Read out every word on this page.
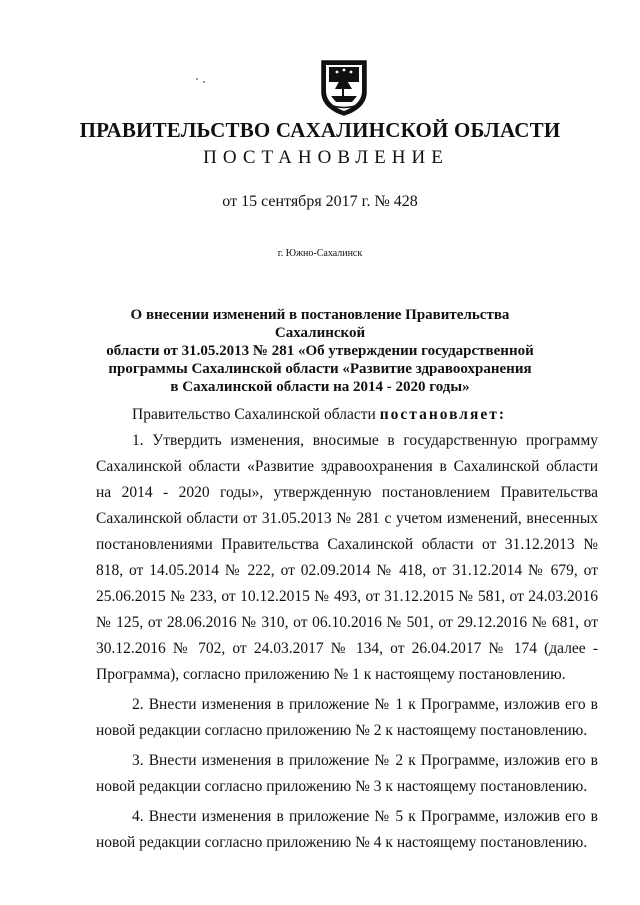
ПРАВИТЕЛЬСТВО САХАЛИНСКОЙ ОБЛАСТИ
ПОСТАНОВЛЕНИЕ
от 15 сентября 2017 г. № 428
г. Южно-Сахалинск
О внесении изменений в постановление Правительства Сахалинской
области от 31.05.2013 № 281 «Об утверждении государственной
программы Сахалинской области «Развитие здравоохранения
в Сахалинской области на 2014 - 2020 годы»

Правительство Сахалинской области постановляет:

1. Утвердить изменения, вносимые в государственную программу Сахалинской области «Развитие здравоохранения в Сахалинской области на 2014 - 2020 годы», утвержденную постановлением Правительства Сахалинской области от 31.05.2013 № 281 с учетом изменений, внесенных постановлениями Правительства Сахалинской области от 31.12.2013 № 818, от 14.05.2014 № 222, от 02.09.2014 № 418, от 31.12.2014 № 679, от 25.06.2015 № 233, от 10.12.2015 № 493, от 31.12.2015 № 581, от 24.03.2016 № 125, от 28.06.2016 № 310, от 06.10.2016 № 501, от 29.12.2016 № 681, от 30.12.2016 № 702, от 24.03.2017 № 134, от 26.04.2017 № 174 (далее - Программа), согласно приложению № 1 к настоящему постановлению.

2. Внести изменения в приложение № 1 к Программе, изложив его в новой редакции согласно приложению № 2 к настоящему постановлению.

3. Внести изменения в приложение № 2 к Программе, изложив его в новой редакции согласно приложению № 3 к настоящему постановлению.

4. Внести изменения в приложение № 5 к Программе, изложив его в новой редакции согласно приложению № 4 к настоящему постановлению.
